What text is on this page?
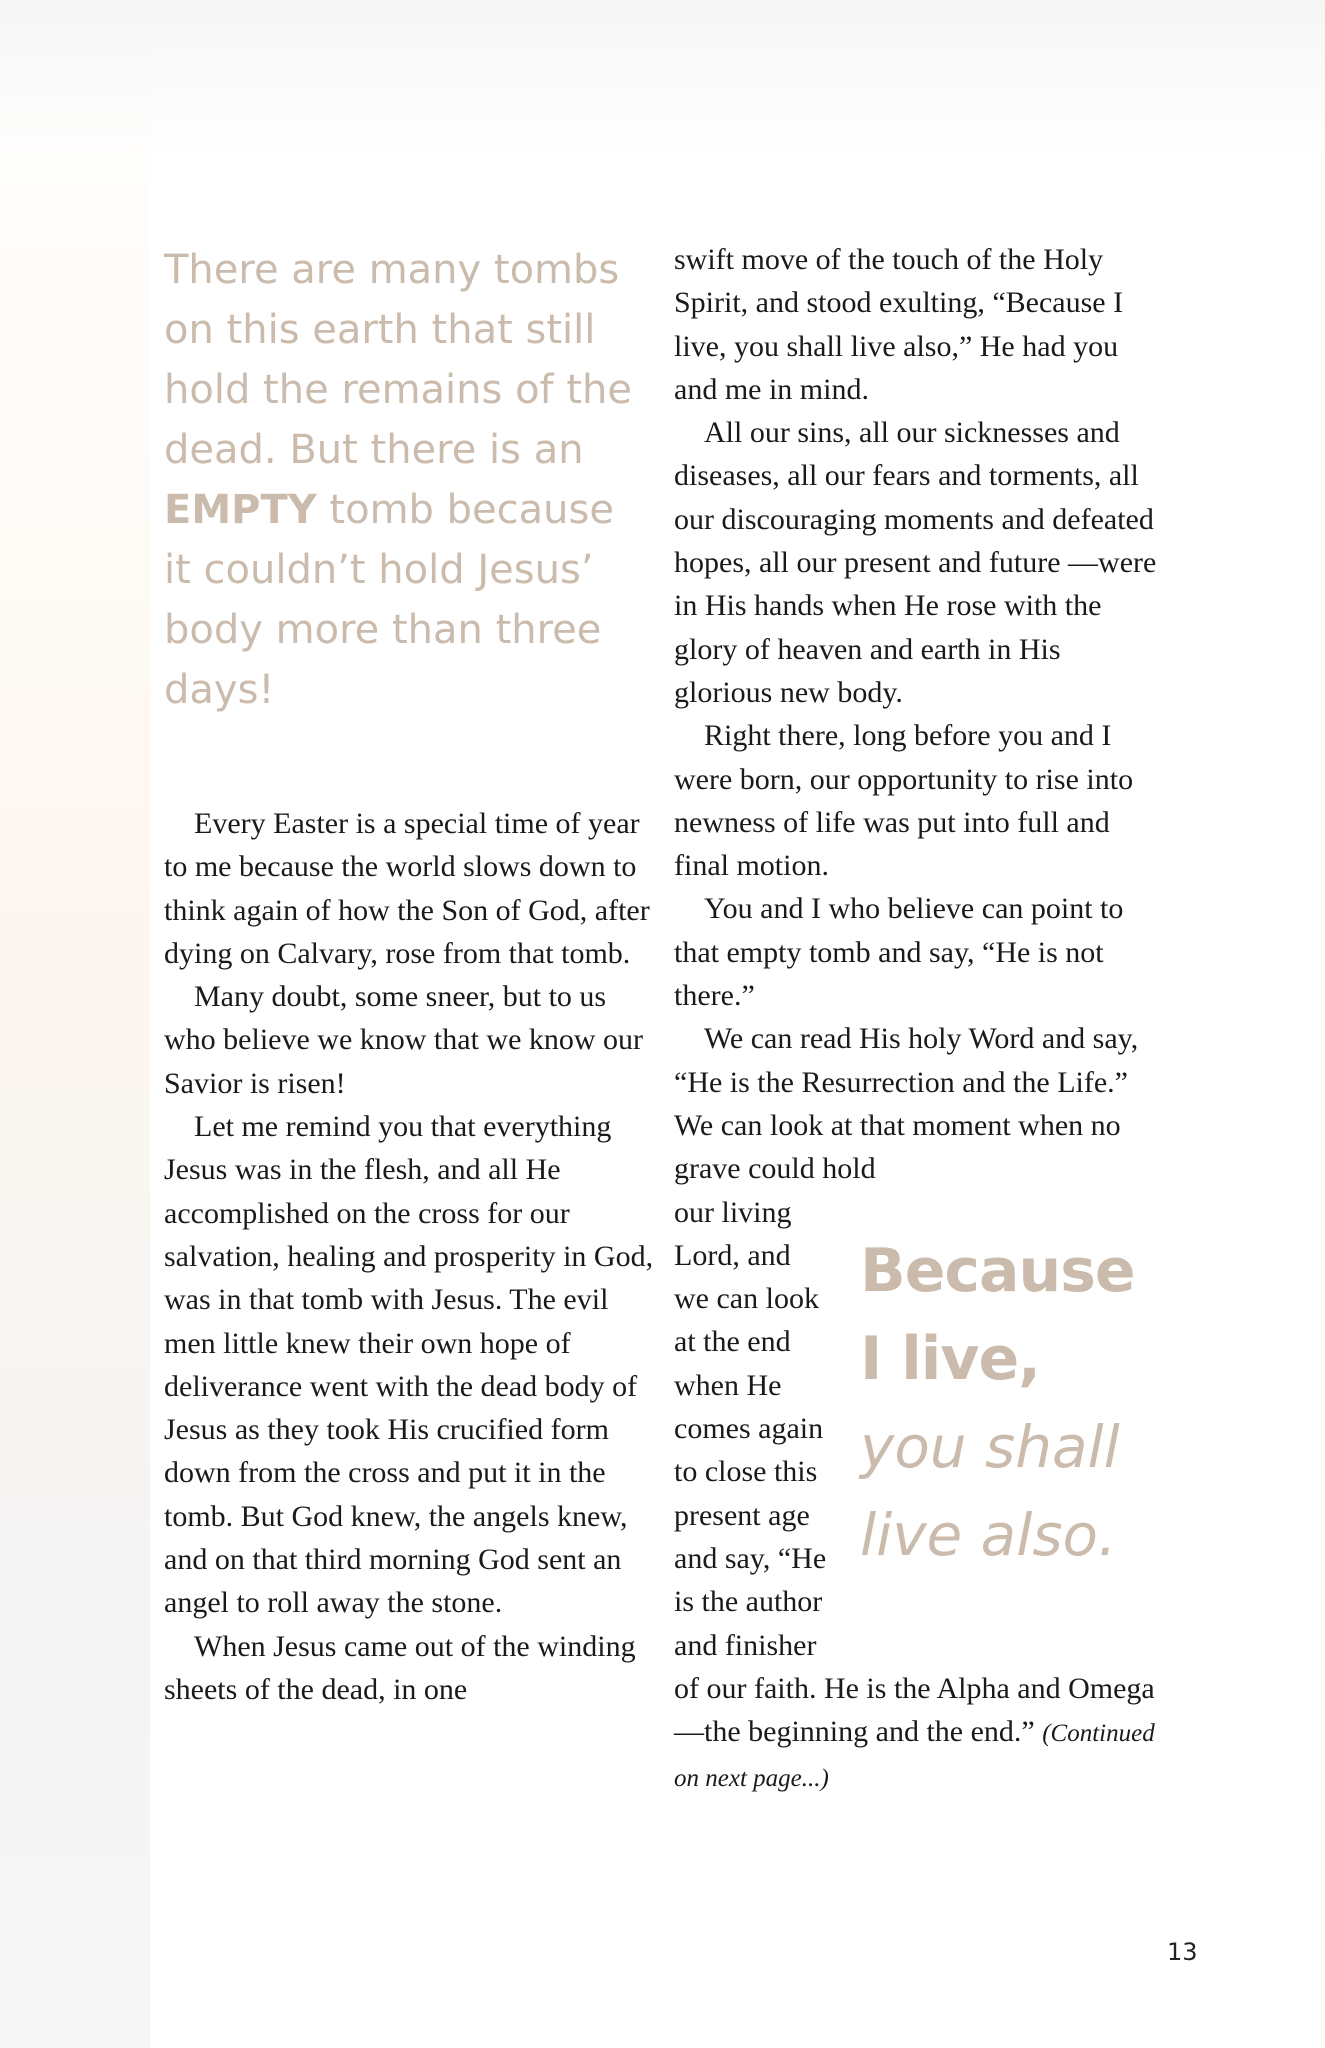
There are many tombs on this earth that still hold the remains of the dead. But there is an EMPTY tomb because it couldn’t hold Jesus’ body more than three days!

Every Easter is a special time of year to me because the world slows down to think again of how the Son of God, after dying on Calvary, rose from that tomb.

Many doubt, some sneer, but to us who believe we know that we know our Savior is risen!

Let me remind you that everything Jesus was in the flesh, and all He accomplished on the cross for our salvation, healing and prosperity in God, was in that tomb with Jesus. The evil men little knew their own hope of deliverance went with the dead body of Jesus as they took His crucified form down from the cross and put it in the tomb. But God knew, the angels knew, and on that third morning God sent an angel to roll away the stone.

When Jesus came out of the winding sheets of the dead, in one

swift move of the touch of the Holy Spirit, and stood exulting, “Because I live, you shall live also,” He had you and me in mind.

All our sins, all our sicknesses and diseases, all our fears and torments, all our discouraging moments and defeated hopes, all our present and future —were in His hands when He rose with the glory of heaven and earth in His glorious new body.

Right there, long before you and I were born, our opportunity to rise into newness of life was put into full and final motion.

You and I who believe can point to that empty tomb and say, “He is not there.”

We can read His holy Word and say, “He is the Resurrection and the Life.” We can look at that moment when no grave could hold

our living
Lord, and
we can look
at the end
when He
comes again
to close this
present age
and say, “He
is the author
and finisher
Because
I live,
you shall
live also.

of our faith. He is the Alpha and Omega—the beginning and the end.” (Continued on next page...)

13
